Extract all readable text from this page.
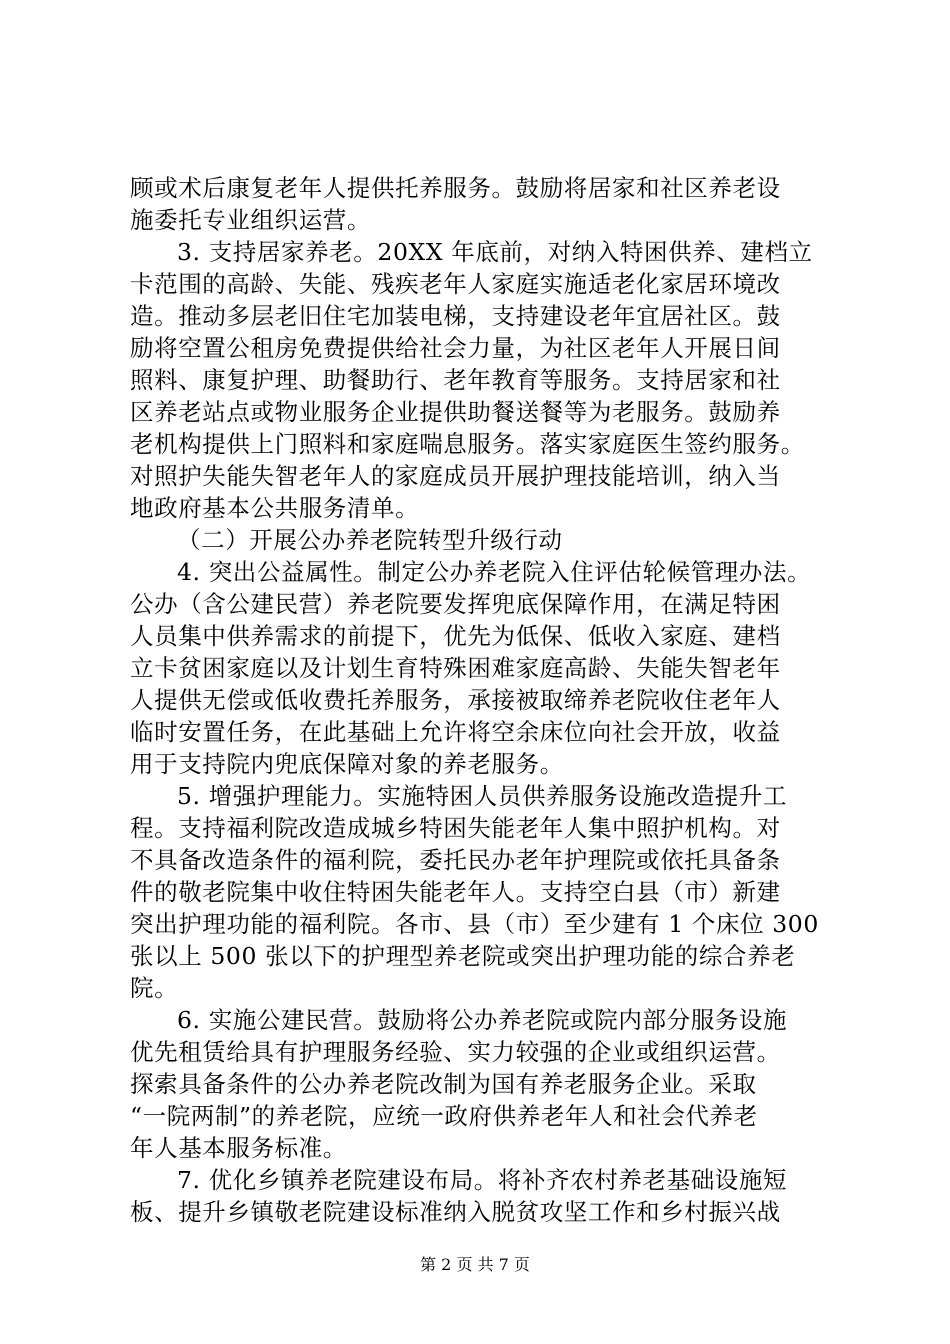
顾或术后康复老年人提供托养服务。鼓励将居家和社区养老设
施委托专业组织运营。
3. 支持居家养老。20XX 年底前，对纳入特困供养、建档立
卡范围的高龄、失能、残疾老年人家庭实施适老化家居环境改
造。推动多层老旧住宅加装电梯，支持建设老年宜居社区。鼓
励将空置公租房免费提供给社会力量，为社区老年人开展日间
照料、康复护理、助餐助行、老年教育等服务。支持居家和社
区养老站点或物业服务企业提供助餐送餐等为老服务。鼓励养
老机构提供上门照料和家庭喘息服务。落实家庭医生签约服务。
对照护失能失智老年人的家庭成员开展护理技能培训，纳入当
地政府基本公共服务清单。
（二）开展公办养老院转型升级行动
4. 突出公益属性。制定公办养老院入住评估轮候管理办法。
公办（含公建民营）养老院要发挥兜底保障作用，在满足特困
人员集中供养需求的前提下，优先为低保、低收入家庭、建档
立卡贫困家庭以及计划生育特殊困难家庭高龄、失能失智老年
人提供无偿或低收费托养服务，承接被取缔养老院收住老年人
临时安置任务，在此基础上允许将空余床位向社会开放，收益
用于支持院内兜底保障对象的养老服务。
5. 增强护理能力。实施特困人员供养服务设施改造提升工
程。支持福利院改造成城乡特困失能老年人集中照护机构。对
不具备改造条件的福利院，委托民办老年护理院或依托具备条
件的敬老院集中收住特困失能老年人。支持空白县（市）新建
突出护理功能的福利院。各市、县（市）至少建有 1 个床位 300
张以上 500 张以下的护理型养老院或突出护理功能的综合养老
院。
6. 实施公建民营。鼓励将公办养老院或院内部分服务设施
优先租赁给具有护理服务经验、实力较强的企业或组织运营。
探索具备条件的公办养老院改制为国有养老服务企业。采取
“一院两制”的养老院，应统一政府供养老年人和社会代养老
年人基本服务标准。
7. 优化乡镇养老院建设布局。将补齐农村养老基础设施短
板、提升乡镇敬老院建设标准纳入脱贫攻坚工作和乡村振兴战
第 2 页 共 7 页
